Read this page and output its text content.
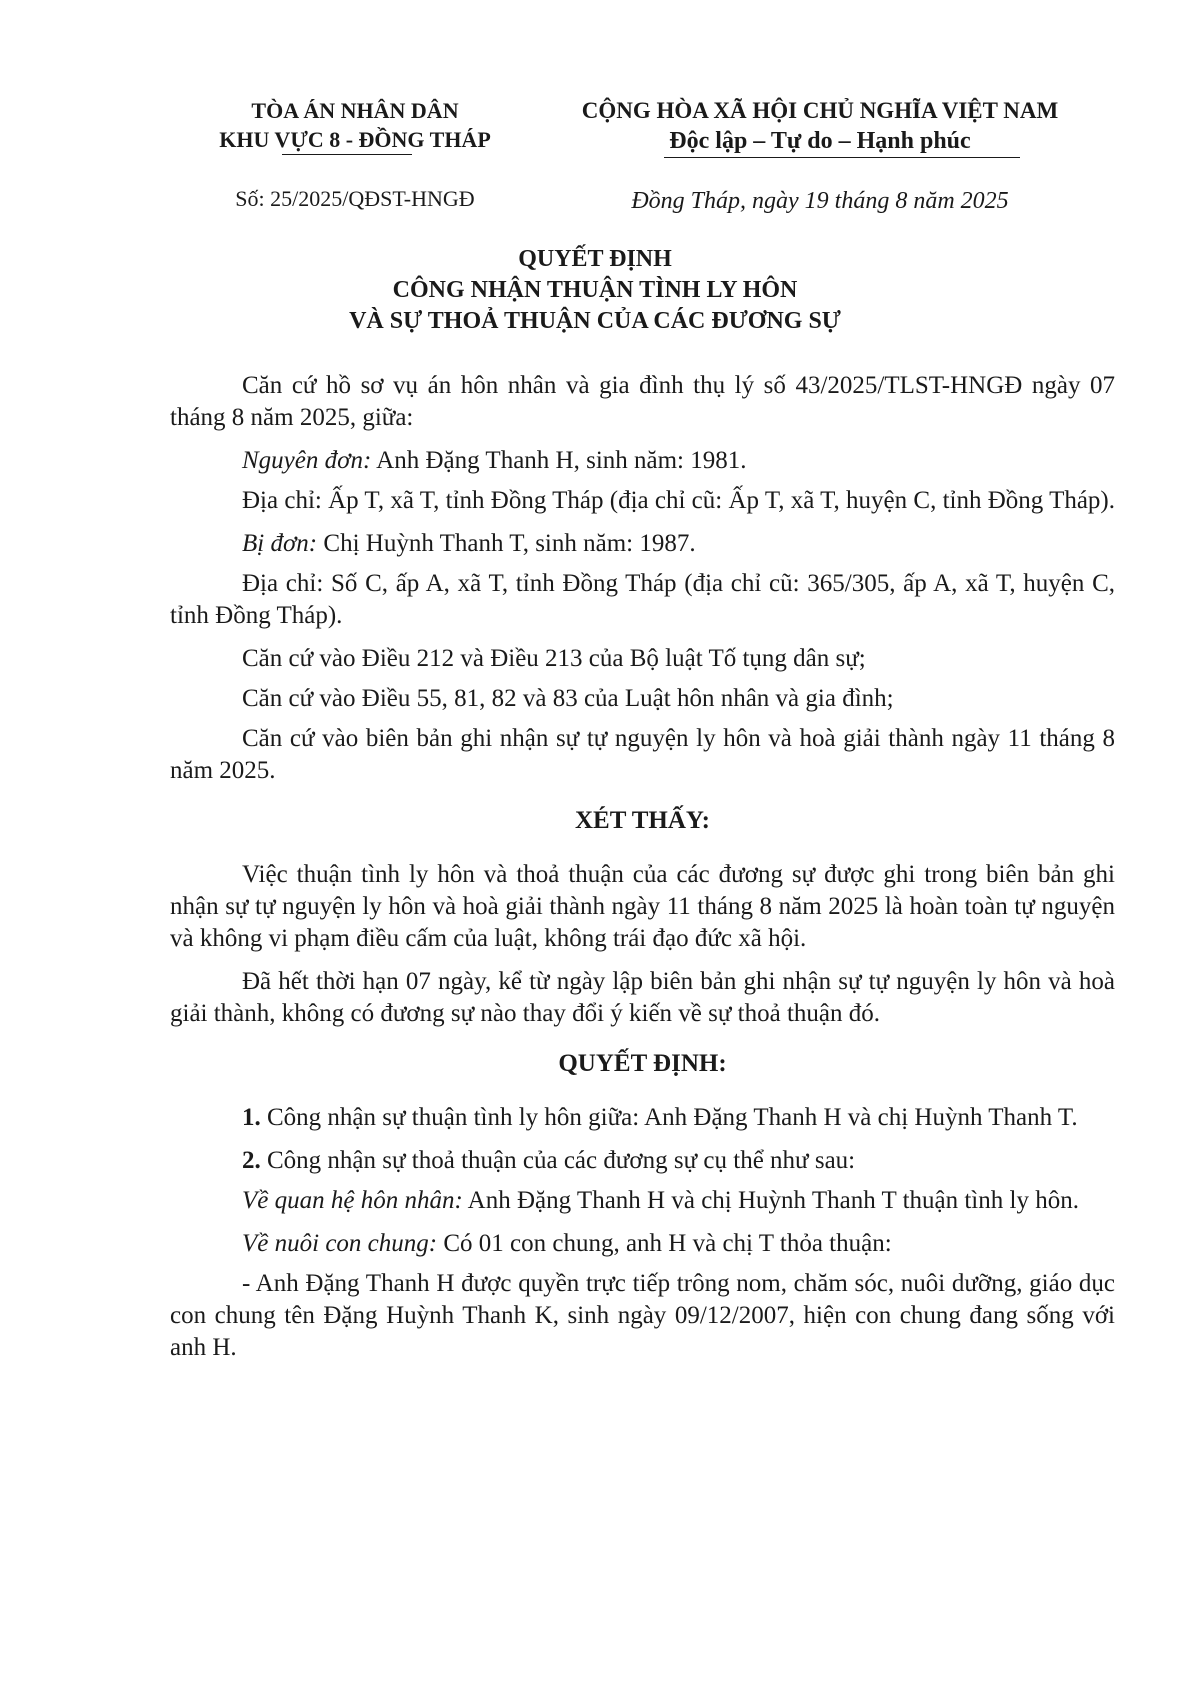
TÒA ÁN NHÂN DÂN
KHU VỰC 8 - ĐỒNG THÁP
CỘNG HÒA XÃ HỘI CHỦ NGHĨA VIỆT NAM
Độc lập – Tự do – Hạnh phúc
Số: 25/2025/QĐST-HNGĐ	Đồng Tháp, ngày 19 tháng 8 năm 2025
QUYẾT ĐỊNH
CÔNG NHẬN THUẬN TÌNH LY HÔN
VÀ SỰ THOẢ THUẬN CỦA CÁC ĐƯƠNG SỰ

Căn cứ hồ sơ vụ án hôn nhân và gia đình thụ lý số 43/2025/TLST-HNGĐ ngày 07 tháng 8 năm 2025, giữa:

Nguyên đơn: Anh Đặng Thanh H, sinh năm: 1981.

Địa chỉ: Ấp T, xã T, tỉnh Đồng Tháp (địa chỉ cũ: Ấp T, xã T, huyện C, tỉnh Đồng Tháp).

Bị đơn: Chị Huỳnh Thanh T, sinh năm: 1987.

Địa chỉ: Số C, ấp A, xã T, tỉnh Đồng Tháp (địa chỉ cũ: 365/305, ấp A, xã T, huyện C, tỉnh Đồng Tháp).

Căn cứ vào Điều 212 và Điều 213 của Bộ luật Tố tụng dân sự;

Căn cứ vào Điều 55, 81, 82 và 83 của Luật hôn nhân và gia đình;

Căn cứ vào biên bản ghi nhận sự tự nguyện ly hôn và hoà giải thành ngày 11 tháng 8 năm 2025.

XÉT THẤY:

Việc thuận tình ly hôn và thoả thuận của các đương sự được ghi trong biên bản ghi nhận sự tự nguyện ly hôn và hoà giải thành ngày 11 tháng 8 năm 2025 là hoàn toàn tự nguyện và không vi phạm điều cấm của luật, không trái đạo đức xã hội.

Đã hết thời hạn 07 ngày, kể từ ngày lập biên bản ghi nhận sự tự nguyện ly hôn và hoà giải thành, không có đương sự nào thay đổi ý kiến về sự thoả thuận đó.

QUYẾT ĐỊNH:

1. Công nhận sự thuận tình ly hôn giữa: Anh Đặng Thanh H và chị Huỳnh Thanh T.

2. Công nhận sự thoả thuận của các đương sự cụ thể như sau:

Về quan hệ hôn nhân: Anh Đặng Thanh H và chị Huỳnh Thanh T thuận tình ly hôn.

Về nuôi con chung: Có 01 con chung, anh H và chị T thỏa thuận:

- Anh Đặng Thanh H được quyền trực tiếp trông nom, chăm sóc, nuôi dưỡng, giáo dục con chung tên Đặng Huỳnh Thanh K, sinh ngày 09/12/2007, hiện con chung đang sống với anh H.
